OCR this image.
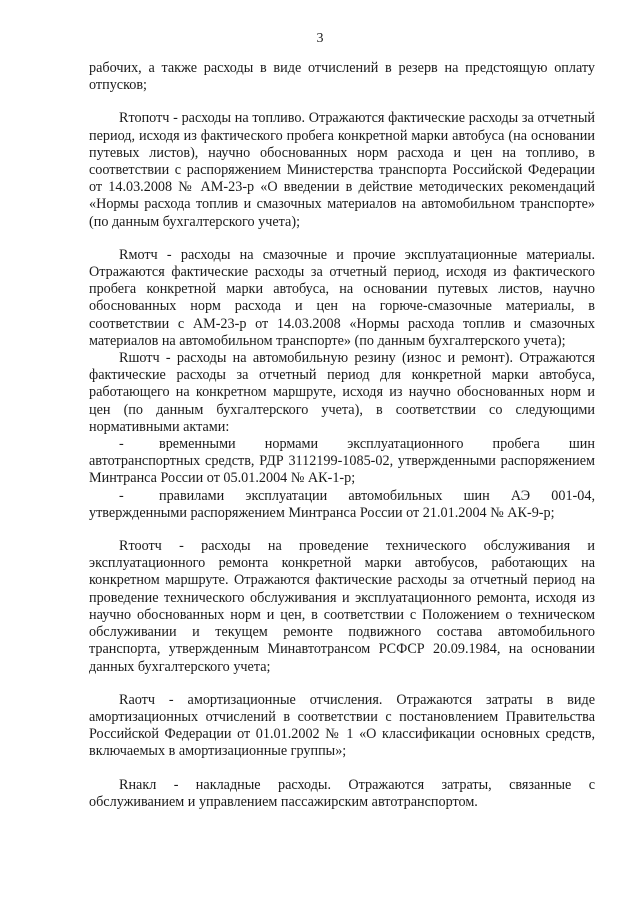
3

рабочих, а также расходы в виде отчислений в резерв на предстоящую оплату отпусков;

Rтопотч - расходы на топливо. Отражаются фактические расходы за отчетный период, исходя из фактического пробега конкретной марки автобуса (на основании путевых листов), научно обоснованных норм расхода и цен на топливо, в соответствии с распоряжением Министерства транспорта Российской Федерации от 14.03.2008 № АМ-23-р «О введении в действие методических рекомендаций «Нормы расхода топлив и смазочных материалов на автомобильном транспорте» (по данным бухгалтерского учета);

Rмотч - расходы на смазочные и прочие эксплуатационные материалы. Отражаются фактические расходы за отчетный период, исходя из фактического пробега конкретной марки автобуса, на основании путевых листов, научно обоснованных норм расхода и цен на горюче-смазочные материалы, в соответствии с АМ-23-р от 14.03.2008 «Нормы расхода топлив и смазочных материалов на автомобильном транспорте» (по данным бухгалтерского учета);

Rшотч - расходы на автомобильную резину (износ и ремонт). Отражаются фактические расходы за отчетный период для конкретной марки автобуса, работающего на конкретном маршруте, исходя из научно обоснованных норм и цен (по данным бухгалтерского учета), в соответствии со следующими нормативными актами:

- временными нормами эксплуатационного пробега шин автотранспортных средств, РДР 3112199-1085-02, утвержденными распоряжением Минтранса России от 05.01.2004 № АК-1-р;

- правилами эксплуатации автомобильных шин АЭ 001-04, утвержденными распоряжением Минтранса России от 21.01.2004 № АК-9-р;

Rтоотч - расходы на проведение технического обслуживания и эксплуатационного ремонта конкретной марки автобусов, работающих на конкретном маршруте. Отражаются фактические расходы за отчетный период на проведение технического обслуживания и эксплуатационного ремонта, исходя из научно обоснованных норм и цен, в соответствии с Положением о техническом обслуживании и текущем ремонте подвижного состава автомобильного транспорта, утвержденным Минавтотрансом РСФСР 20.09.1984, на основании данных бухгалтерского учета;

Rаотч - амортизационные отчисления. Отражаются затраты в виде амортизационных отчислений в соответствии с постановлением Правительства Российской Федерации от 01.01.2002 № 1 «О классификации основных средств, включаемых в амортизационные группы»;

Rнакл - накладные расходы. Отражаются затраты, связанные с обслуживанием и управлением пассажирским автотранспортом.
